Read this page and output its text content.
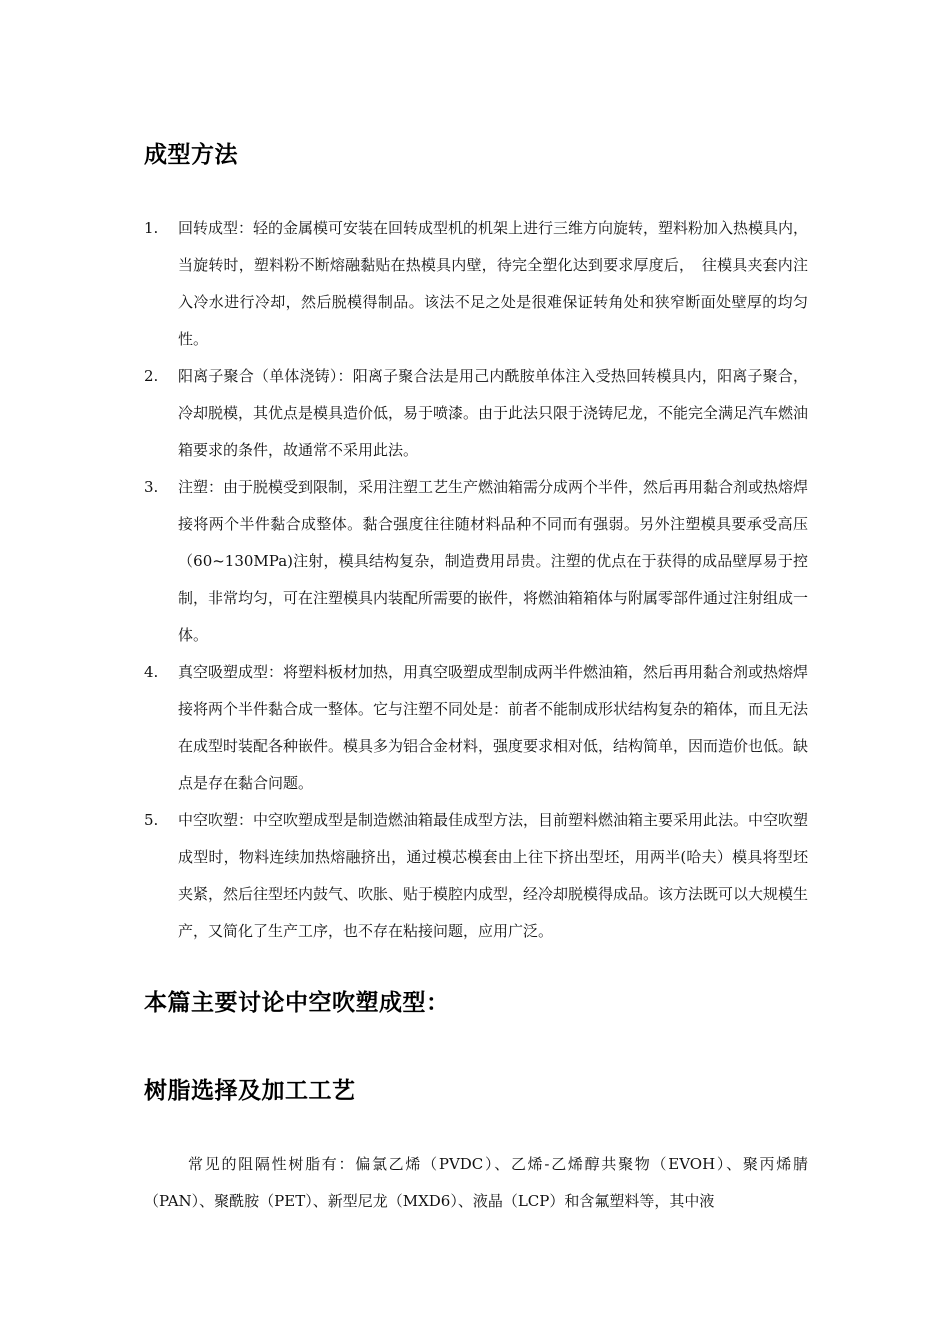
成型方法
1. 回转成型：轻的金属模可安装在回转成型机的机架上进行三维方向旋转，塑料粉加入热模具内，当旋转时，塑料粉不断熔融黏贴在热模具内壁，待完全塑化达到要求厚度后，　往模具夹套内注入冷水进行冷却，然后脱模得制品。该法不足之处是很难保证转角处和狭窄断面处壁厚的均匀性。
2. 阳离子聚合（单体浇铸）：阳离子聚合法是用己内酰胺单体注入受热回转模具内，阳离子聚合，冷却脱模，其优点是模具造价低，易于喷漆。由于此法只限于浇铸尼龙，不能完全满足汽车燃油箱要求的条件，故通常不采用此法。
3. 注塑：由于脱模受到限制，采用注塑工艺生产燃油箱需分成两个半件，然后再用黏合剂或热熔焊接将两个半件黏合成整体。黏合强度往往随材料品种不同而有强弱。另外注塑模具要承受高压（60~130MPa)注射，模具结构复杂，制造费用昂贵。注塑的优点在于获得的成品壁厚易于控制，非常均匀，可在注塑模具内装配所需要的嵌件，将燃油箱箱体与附属零部件通过注射组成一体。
4. 真空吸塑成型：将塑料板材加热，用真空吸塑成型制成两半件燃油箱，然后再用黏合剂或热熔焊接将两个半件黏合成一整体。它与注塑不同处是：前者不能制成形状结构复杂的箱体，而且无法在成型时装配各种嵌件。模具多为铝合金材料，强度要求相对低，结构简单，因而造价也低。缺点是存在黏合问题。
5. 中空吹塑：中空吹塑成型是制造燃油箱最佳成型方法，目前塑料燃油箱主要采用此法。中空吹塑成型时，物料连续加热熔融挤出，通过模芯模套由上往下挤出型坯，用两半(哈夫）模具将型坯夹紧，然后往型坯内鼓气、吹胀、贴于模腔内成型，经冷却脱模得成品。该方法既可以大规模生产，又简化了生产工序，也不存在粘接问题，应用广泛。
本篇主要讨论中空吹塑成型：
树脂选择及加工工艺

常见的阻隔性树脂有：偏氯乙烯（PVDC）、乙烯-乙烯醇共聚物（EVOH）、聚丙烯腈（PAN）、聚酰胺（PET）、新型尼龙（MXD6）、液晶（LCP）和含氟塑料等，其中液
